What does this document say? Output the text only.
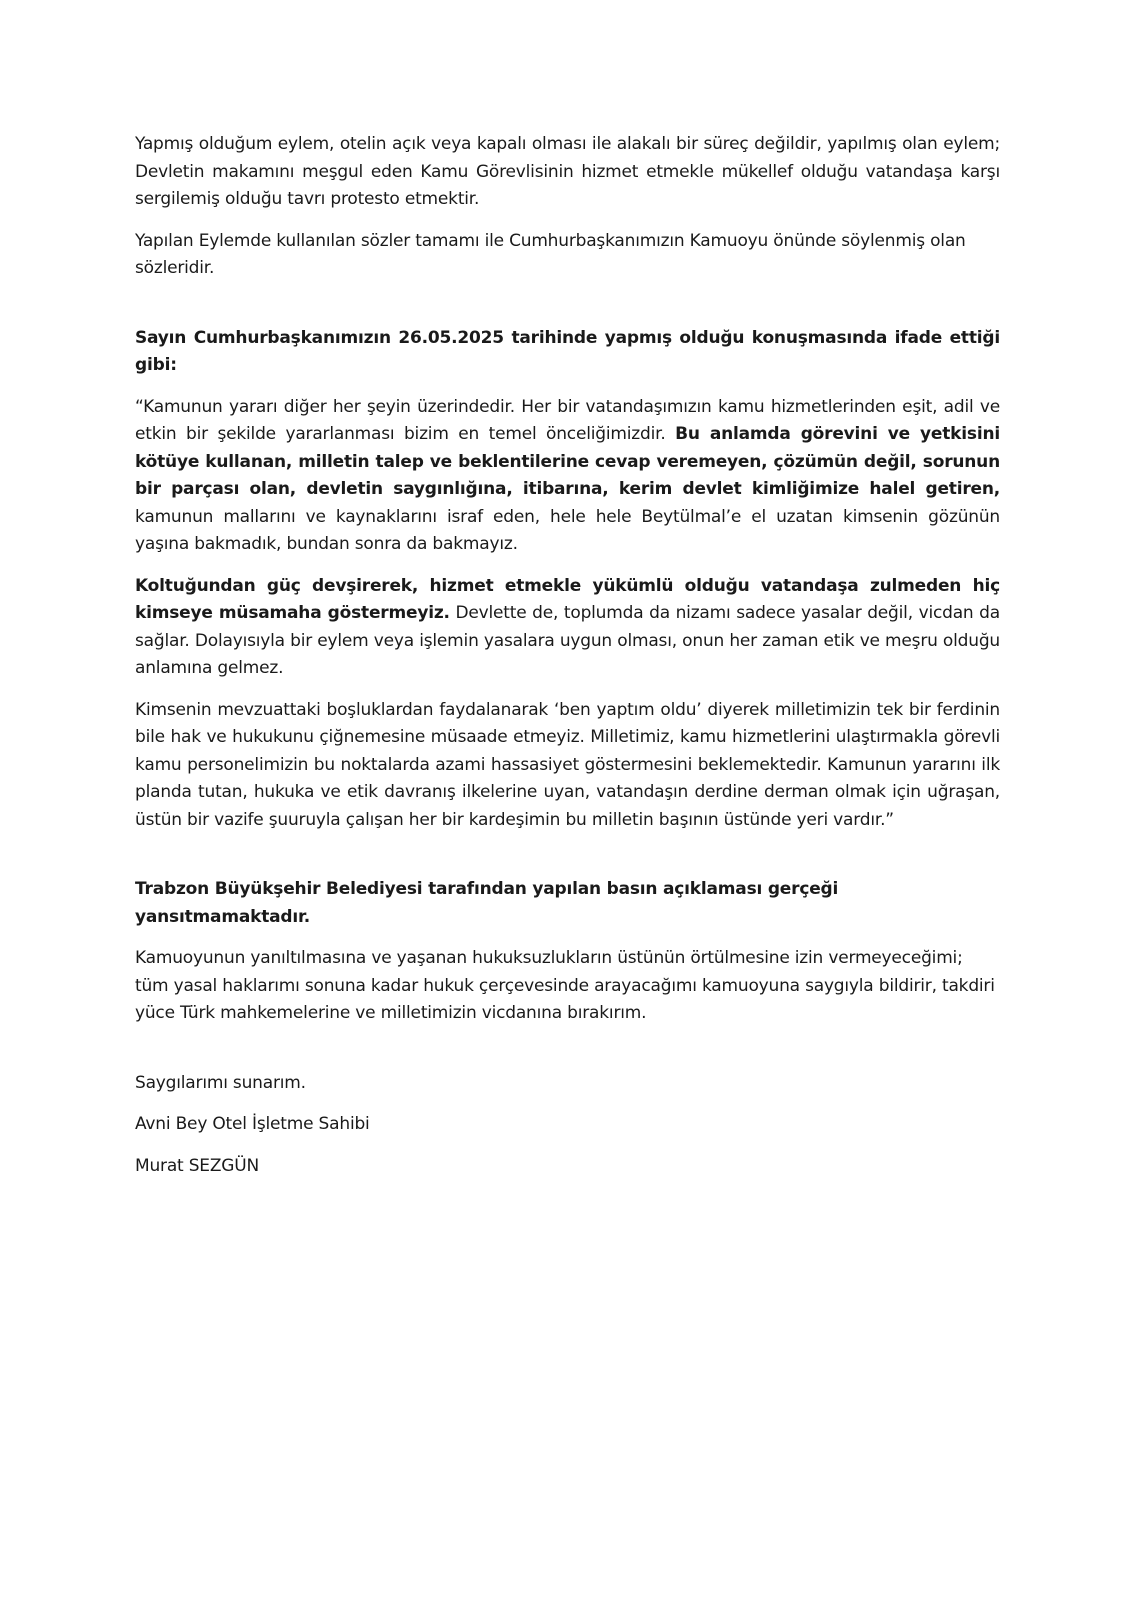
Yapmış olduğum eylem, otelin açık veya kapalı olması ile alakalı bir süreç değildir, yapılmış olan eylem; Devletin makamını meşgul eden Kamu Görevlisinin hizmet etmekle mükellef olduğu vatandaşa karşı sergilemiş olduğu tavrı protesto etmektir.

Yapılan Eylemde kullanılan sözler tamamı ile Cumhurbaşkanımızın Kamuoyu önünde söylenmiş olan sözleridir.

Sayın Cumhurbaşkanımızın 26.05.2025 tarihinde yapmış olduğu konuşmasında ifade ettiği gibi:

“Kamunun yararı diğer her şeyin üzerindedir. Her bir vatandaşımızın kamu hizmetlerinden eşit, adil ve etkin bir şekilde yararlanması bizim en temel önceliğimizdir. Bu anlamda görevini ve yetkisini kötüye kullanan, milletin talep ve beklentilerine cevap veremeyen, çözümün değil, sorunun bir parçası olan, devletin saygınlığına, itibarına, kerim devlet kimliğimize halel getiren, kamunun mallarını ve kaynaklarını israf eden, hele hele Beytülmal’e el uzatan kimsenin gözünün yaşına bakmadık, bundan sonra da bakmayız.

Koltuğundan güç devşirerek, hizmet etmekle yükümlü olduğu vatandaşa zulmeden hiç kimseye müsamaha göstermeyiz. Devlette de, toplumda da nizamı sadece yasalar değil, vicdan da sağlar. Dolayısıyla bir eylem veya işlemin yasalara uygun olması, onun her zaman etik ve meşru olduğu anlamına gelmez.

Kimsenin mevzuattaki boşluklardan faydalanarak ‘ben yaptım oldu’ diyerek milletimizin tek bir ferdinin bile hak ve hukukunu çiğnemesine müsaade etmeyiz. Milletimiz, kamu hizmetlerini ulaştırmakla görevli kamu personelimizin bu noktalarda azami hassasiyet göstermesini beklemektedir. Kamunun yararını ilk planda tutan, hukuka ve etik davranış ilkelerine uyan, vatandaşın derdine derman olmak için uğraşan, üstün bir vazife şuuruyla çalışan her bir kardeşimin bu milletin başının üstünde yeri vardır.”

Trabzon Büyükşehir Belediyesi tarafından yapılan basın açıklaması gerçeği yansıtmamaktadır.

Kamuoyunun yanıltılmasına ve yaşanan hukuksuzlukların üstünün örtülmesine izin vermeyeceğimi; tüm yasal haklarımı sonuna kadar hukuk çerçevesinde arayacağımı kamuoyuna saygıyla bildirir, takdiri yüce Türk mahkemelerine ve milletimizin vicdanına bırakırım.

Saygılarımı sunarım.

Avni Bey Otel İşletme Sahibi

Murat SEZGÜN
